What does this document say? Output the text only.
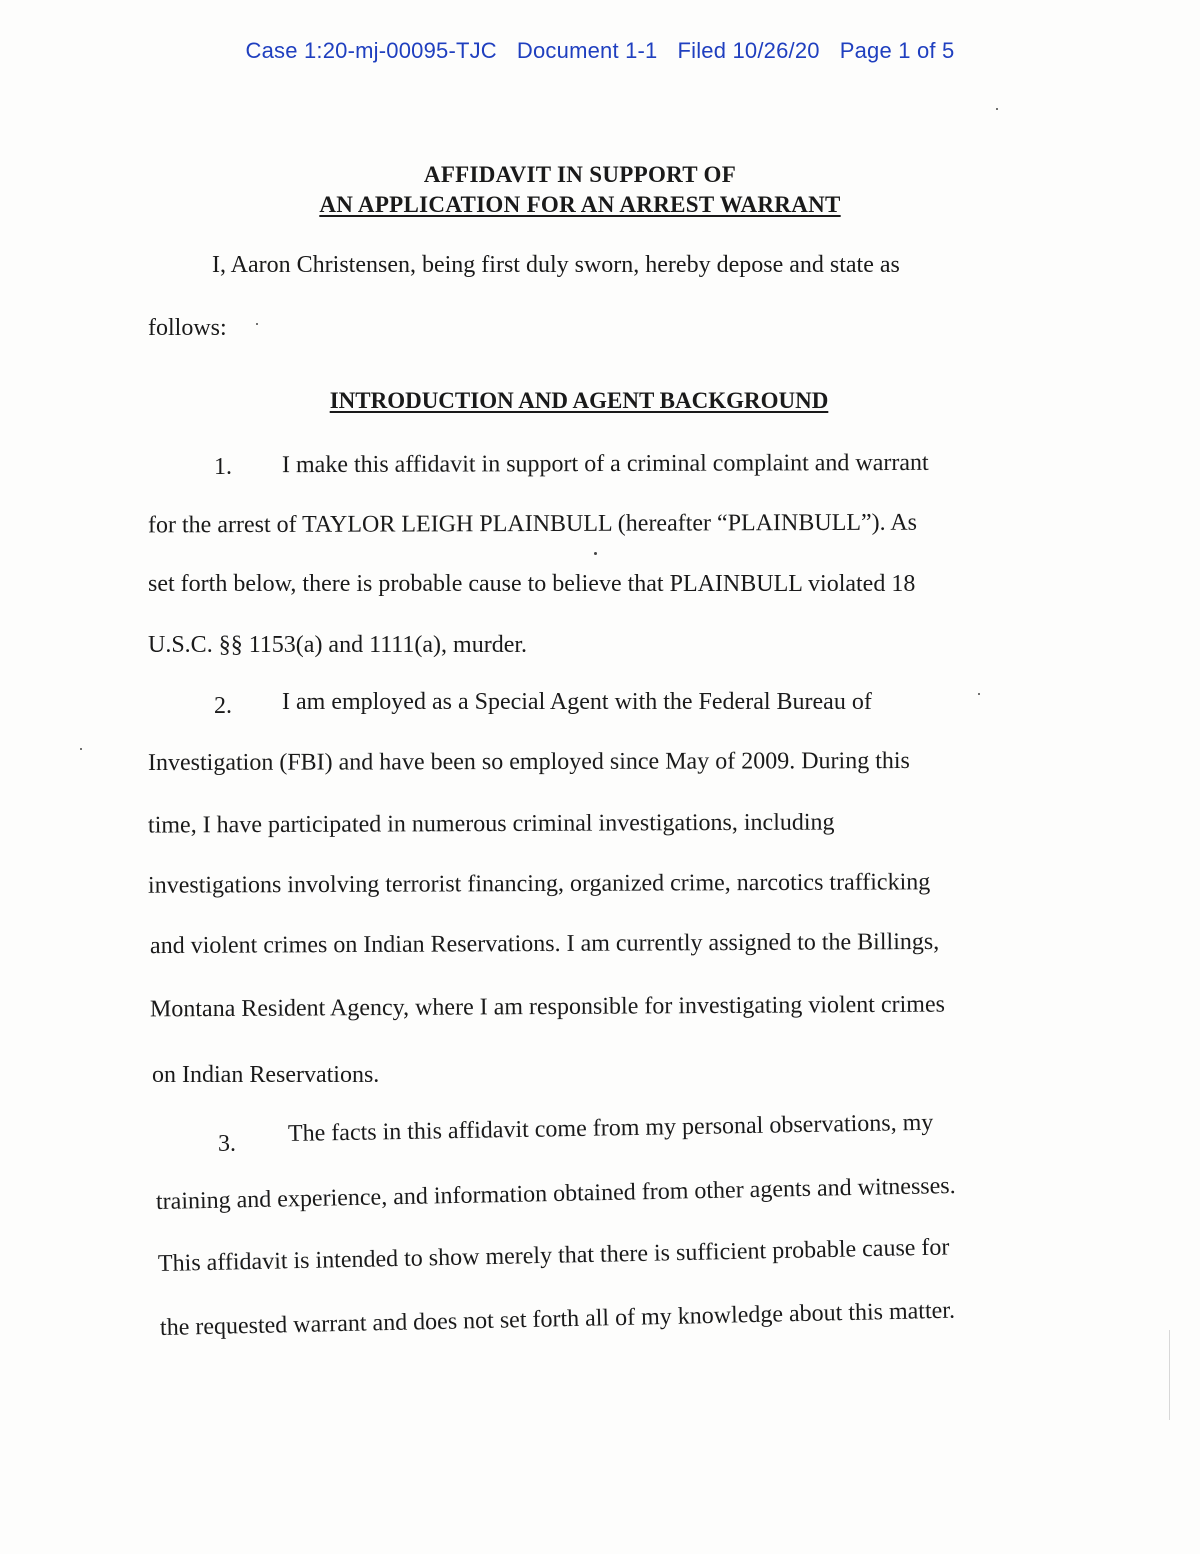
Case 1:20-mj-00095-TJC Document 1-1 Filed 10/26/20 Page 1 of 5
AFFIDAVIT IN SUPPORT OF
AN APPLICATION FOR AN ARREST WARRANT
I, Aaron Christensen, being first duly sworn, hereby depose and state as
follows:
INTRODUCTION AND AGENT BACKGROUND
1. I make this affidavit in support of a criminal complaint and warrant
for the arrest of TAYLOR LEIGH PLAINBULL (hereafter “PLAINBULL”). As
set forth below, there is probable cause to believe that PLAINBULL violated 18
U.S.C. §§ 1153(a) and 1111(a), murder.
2. I am employed as a Special Agent with the Federal Bureau of
Investigation (FBI) and have been so employed since May of 2009. During this
time, I have participated in numerous criminal investigations, including
investigations involving terrorist financing, organized crime, narcotics trafficking
and violent crimes on Indian Reservations. I am currently assigned to the Billings,
Montana Resident Agency, where I am responsible for investigating violent crimes
on Indian Reservations.
3. The facts in this affidavit come from my personal observations, my
training and experience, and information obtained from other agents and witnesses.
This affidavit is intended to show merely that there is sufficient probable cause for
the requested warrant and does not set forth all of my knowledge about this matter.
